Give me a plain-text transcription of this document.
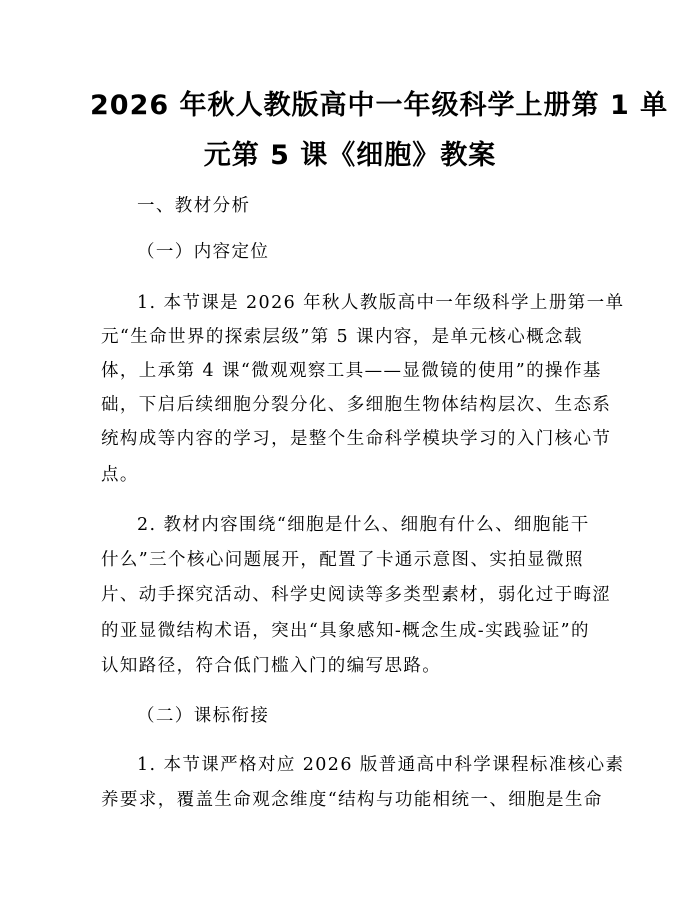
2026 年秋人教版高中一年级科学上册第 1 单
元第 5 课《细胞》教案
一、教材分析
（一）内容定位
1. 本节课是 2026 年秋人教版高中一年级科学上册第一单
元“生命世界的探索层级”第 5 课内容，是单元核心概念载
体，上承第 4 课“微观观察工具——显微镜的使用”的操作基
础，下启后续细胞分裂分化、多细胞生物体结构层次、生态系
统构成等内容的学习，是整个生命科学模块学习的入门核心节
点。
2. 教材内容围绕“细胞是什么、细胞有什么、细胞能干
什么”三个核心问题展开，配置了卡通示意图、实拍显微照
片、动手探究活动、科学史阅读等多类型素材，弱化过于晦涩
的亚显微结构术语，突出“具象感知-概念生成-实践验证”的
认知路径，符合低门槛入门的编写思路。
（二）课标衔接
1. 本节课严格对应 2026 版普通高中科学课程标准核心素
养要求，覆盖生命观念维度“结构与功能相统一、细胞是生命
